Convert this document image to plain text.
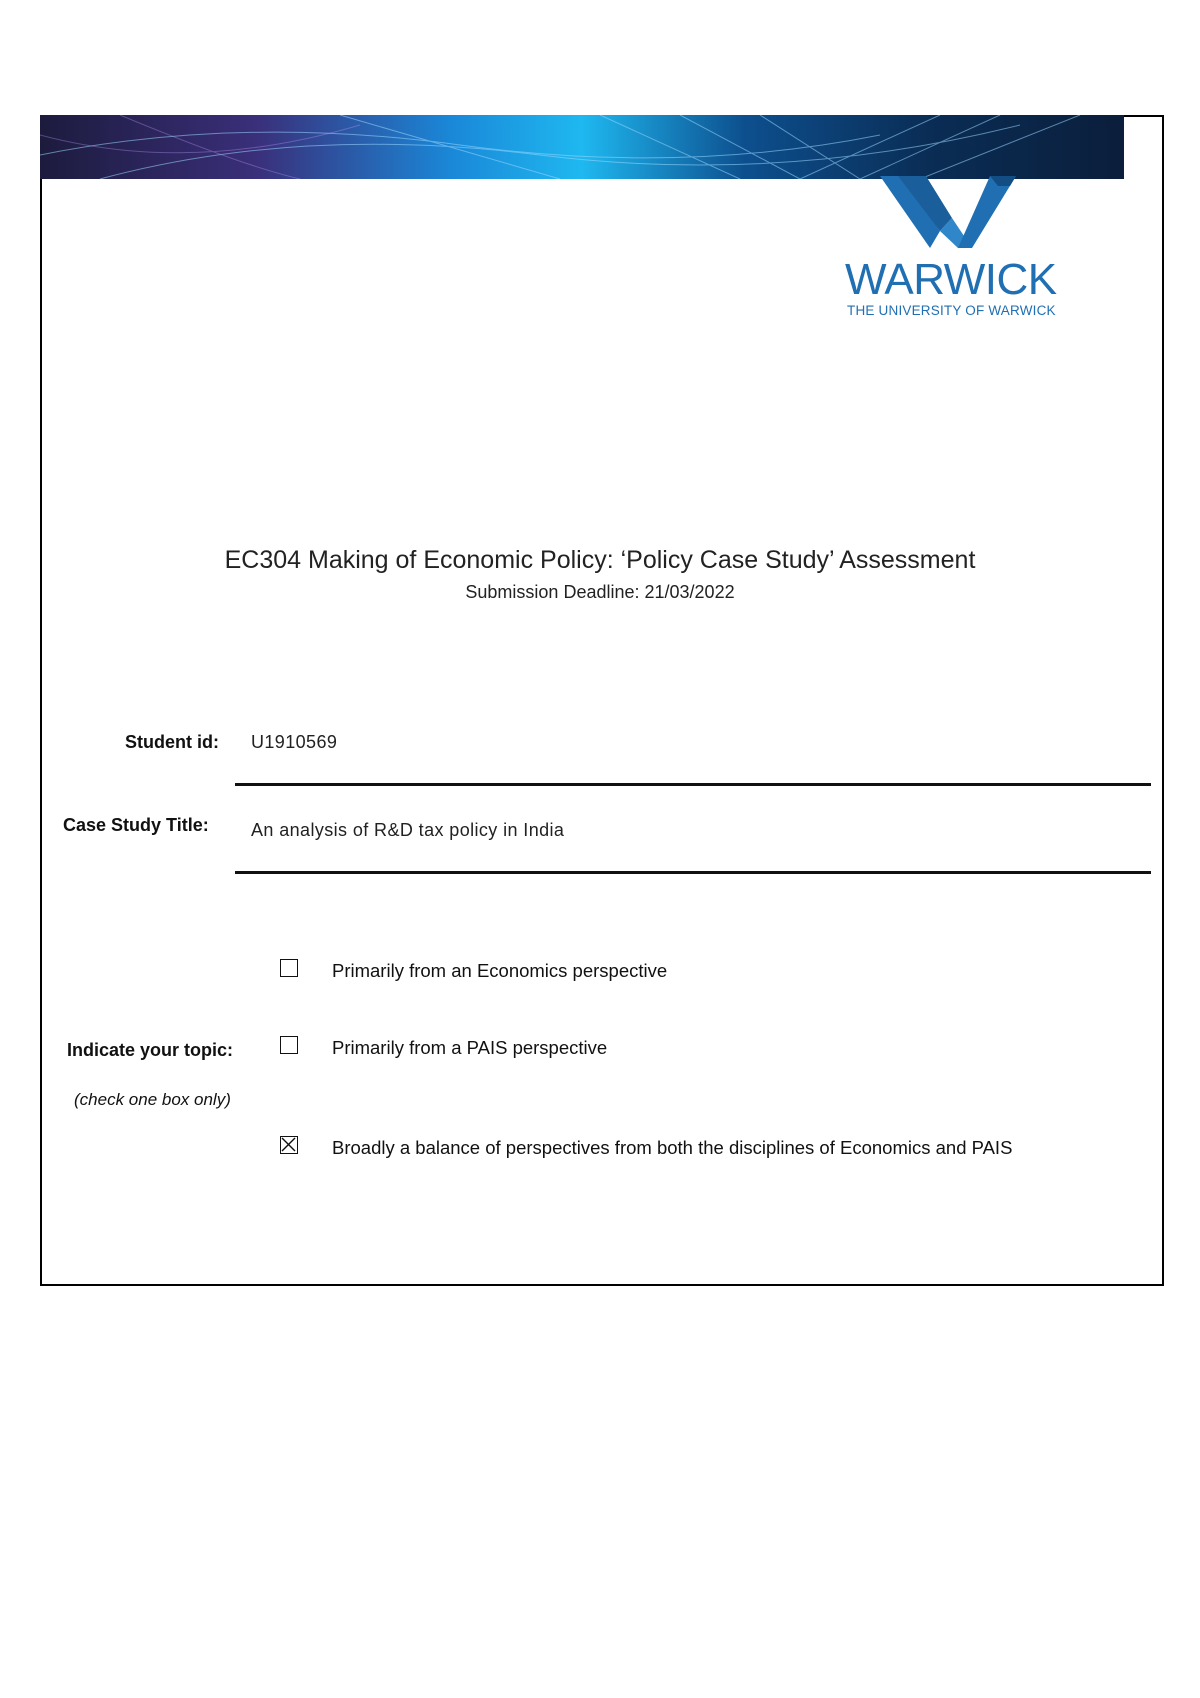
WARWICK
THE UNIVERSITY OF WARWICK
EC304 Making of Economic Policy: ‘Policy Case Study’ Assessment
Submission Deadline: 21/03/2022
Student id: U1910569
Case Study Title: An analysis of R&D tax policy in India
Primarily from an Economics perspective
Indicate your topic:	Primarily from a PAIS perspective
(check one box only)
Broadly a balance of perspectives from both the disciplines of Economics and PAIS
